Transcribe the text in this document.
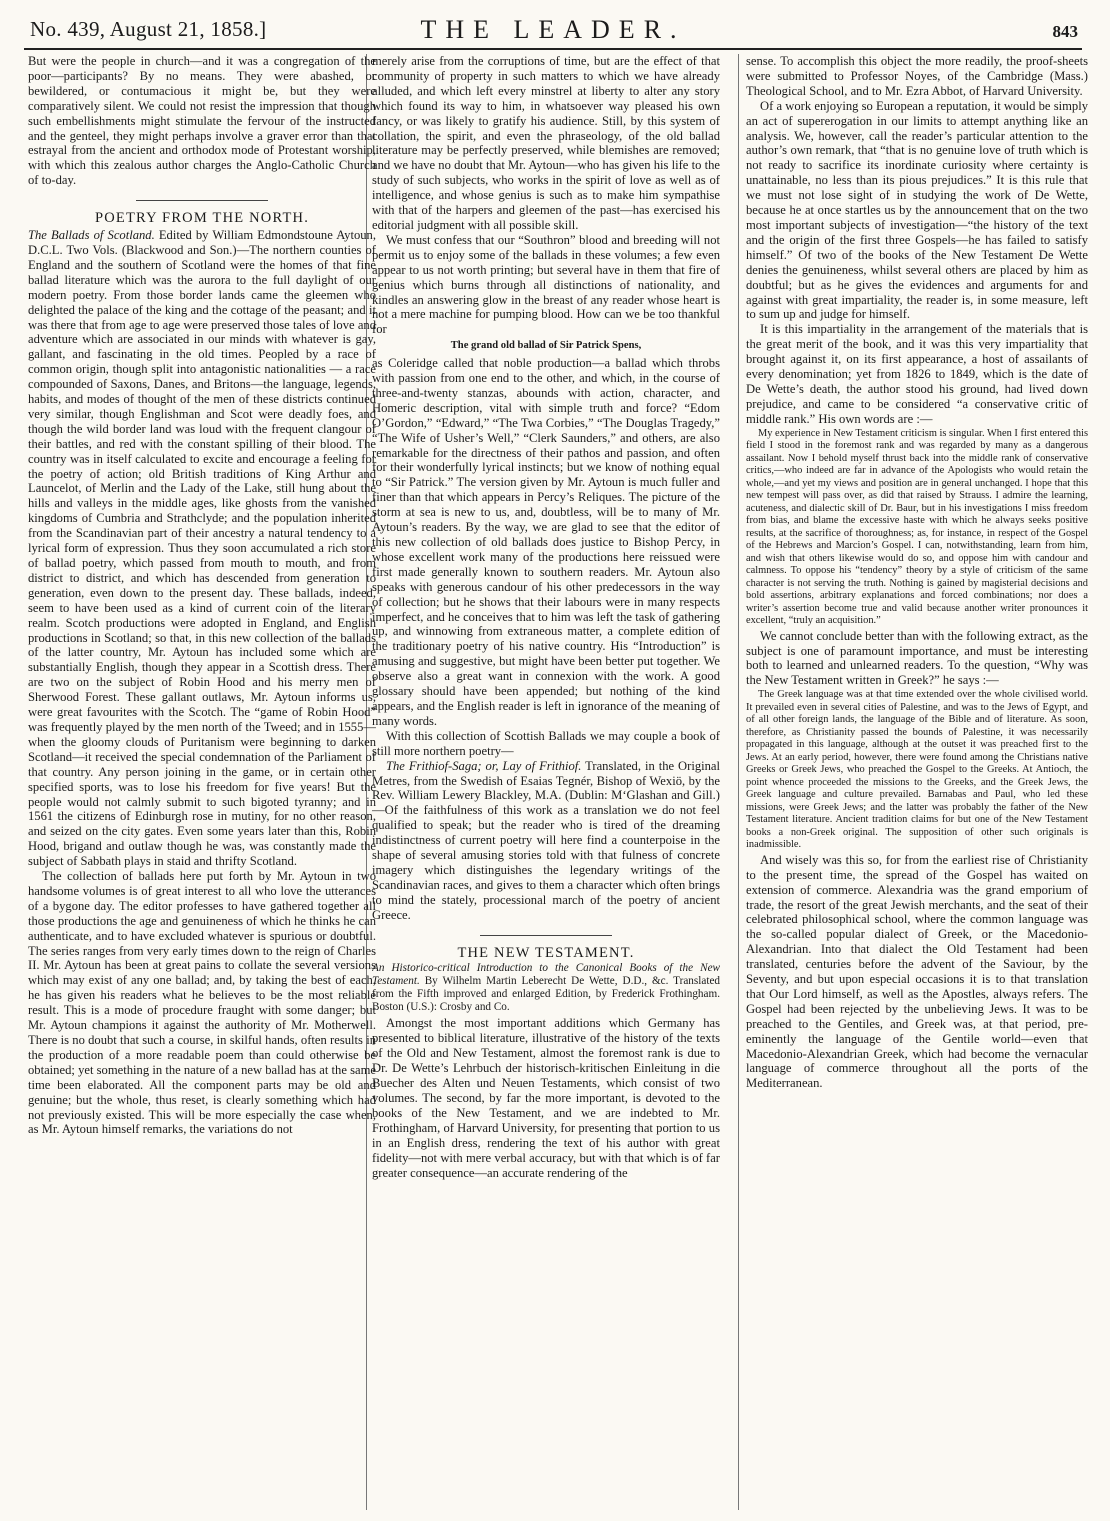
No. 439, August 21, 1858.]	THE LEADER.	843

But were the people in church—and it was a congregation of the poor—participants? By no means. They were abashed, or bewildered, or contumacious it might be, but they were comparatively silent. We could not resist the impression that though such embellishments might stimulate the fervour of the instructed and the genteel, they might perhaps involve a graver error than that estrayal from the ancient and orthodox mode of Protestant worship, with which this zealous author charges the Anglo-Catholic Church of to-day.

POETRY FROM THE NORTH.

The Ballads of Scotland. Edited by William Edmondstoune Aytoun, D.C.L. Two Vols. (Blackwood and Son.)—The northern counties of England and the southern of Scotland were the homes of that fine ballad literature which was the aurora to the full daylight of our modern poetry. From those border lands came the gleemen who delighted the palace of the king and the cottage of the peasant; and it was there that from age to age were preserved those tales of love and adventure which are associated in our minds with whatever is gay, gallant, and fascinating in the old times. Peopled by a race of common origin, though split into antagonistic nationalities — a race compounded of Saxons, Danes, and Britons—the language, legends, habits, and modes of thought of the men of these districts continued very similar, though Englishman and Scot were deadly foes, and though the wild border land was loud with the frequent clangour of their battles, and red with the constant spilling of their blood. The country was in itself calculated to excite and encourage a feeling for the poetry of action; old British traditions of King Arthur and Launcelot, of Merlin and the Lady of the Lake, still hung about the hills and valleys in the middle ages, like ghosts from the vanished kingdoms of Cumbria and Strathclyde; and the population inherited from the Scandinavian part of their ancestry a natural tendency to a lyrical form of expression. Thus they soon accumulated a rich store of ballad poetry, which passed from mouth to mouth, and from district to district, and which has descended from generation to generation, even down to the present day. These ballads, indeed, seem to have been used as a kind of current coin of the literary realm. Scotch productions were adopted in England, and English productions in Scotland; so that, in this new collection of the ballads of the latter country, Mr. Aytoun has included some which are substantially English, though they appear in a Scottish dress. There are two on the subject of Robin Hood and his merry men of Sherwood Forest. These gallant outlaws, Mr. Aytoun informs us, were great favourites with the Scotch. The “game of Robin Hood” was frequently played by the men north of the Tweed; and in 1555—when the gloomy clouds of Puritanism were beginning to darken Scotland—it received the special condemnation of the Parliament of that country. Any person joining in the game, or in certain other specified sports, was to lose his freedom for five years! But the people would not calmly submit to such bigoted tyranny; and in 1561 the citizens of Edinburgh rose in mutiny, for no other reason, and seized on the city gates. Even some years later than this, Robin Hood, brigand and outlaw though he was, was constantly made the subject of Sabbath plays in staid and thrifty Scotland.

The collection of ballads here put forth by Mr. Aytoun in two handsome volumes is of great interest to all who love the utterances of a bygone day. The editor professes to have gathered together all those productions the age and genuineness of which he thinks he can authenticate, and to have excluded whatever is spurious or doubtful. The series ranges from very early times down to the reign of Charles II. Mr. Aytoun has been at great pains to collate the several versions which may exist of any one ballad; and, by taking the best of each, he has given his readers what he believes to be the most reliable result. This is a mode of procedure fraught with some danger; but Mr. Aytoun champions it against the authority of Mr. Motherwell. There is no doubt that such a course, in skilful hands, often results in the production of a more readable poem than could otherwise be obtained; yet something in the nature of a new ballad has at the same time been elaborated. All the component parts may be old and genuine; but the whole, thus reset, is clearly something which had not previously existed. This will be more especially the case when, as Mr. Aytoun himself remarks, the variations do not

merely arise from the corruptions of time, but are the effect of that community of property in such matters to which we have already alluded, and which left every minstrel at liberty to alter any story which found its way to him, in whatsoever way pleased his own fancy, or was likely to gratify his audience. Still, by this system of collation, the spirit, and even the phraseology, of the old ballad literature may be perfectly preserved, while blemishes are removed; and we have no doubt that Mr. Aytoun—who has given his life to the study of such subjects, who works in the spirit of love as well as of intelligence, and whose genius is such as to make him sympathise with that of the harpers and gleemen of the past—has exercised his editorial judgment with all possible skill.

We must confess that our “Southron” blood and breeding will not permit us to enjoy some of the ballads in these volumes; a few even appear to us not worth printing; but several have in them that fire of genius which burns through all distinctions of nationality, and kindles an answering glow in the breast of any reader whose heart is not a mere machine for pumping blood. How can we be too thankful for

The grand old ballad of Sir Patrick Spens,

as Coleridge called that noble production—a ballad which throbs with passion from one end to the other, and which, in the course of three-and-twenty stanzas, abounds with action, character, and Homeric description, vital with simple truth and force? “Edom O’Gordon,” “Edward,” “The Twa Corbies,” “The Douglas Tragedy,” “The Wife of Usher’s Well,” “Clerk Saunders,” and others, are also remarkable for the directness of their pathos and passion, and often for their wonderfully lyrical instincts; but we know of nothing equal to “Sir Patrick.” The version given by Mr. Aytoun is much fuller and finer than that which appears in Percy’s Reliques. The picture of the storm at sea is new to us, and, doubtless, will be to many of Mr. Aytoun’s readers. By the way, we are glad to see that the editor of this new collection of old ballads does justice to Bishop Percy, in whose excellent work many of the productions here reissued were first made generally known to southern readers. Mr. Aytoun also speaks with generous candour of his other predecessors in the way of collection; but he shows that their labours were in many respects imperfect, and he conceives that to him was left the task of gathering up, and winnowing from extraneous matter, a complete edition of the traditionary poetry of his native country. His “Introduction” is amusing and suggestive, but might have been better put together. We observe also a great want in connexion with the work. A good glossary should have been appended; but nothing of the kind appears, and the English reader is left in ignorance of the meaning of many words.

With this collection of Scottish Ballads we may couple a book of still more northern poetry—

The Frithiof-Saga; or, Lay of Frithiof. Translated, in the Original Metres, from the Swedish of Esaias Tegnér, Bishop of Wexiö, by the Rev. William Lewery Blackley, M.A. (Dublin: M‘Glashan and Gill.)—Of the faithfulness of this work as a translation we do not feel qualified to speak; but the reader who is tired of the dreaming indistinctness of current poetry will here find a counterpoise in the shape of several amusing stories told with that fulness of concrete imagery which distinguishes the legendary writings of the Scandinavian races, and gives to them a character which often brings to mind the stately, processional march of the poetry of ancient Greece.

THE NEW TESTAMENT.

An Historico-critical Introduction to the Canonical Books of the New Testament. By Wilhelm Martin Leberecht De Wette, D.D., &c. Translated from the Fifth improved and enlarged Edition, by Frederick Frothingham. Boston (U.S.): Crosby and Co.

Amongst the most important additions which Germany has presented to biblical literature, illustrative of the history of the texts of the Old and New Testament, almost the foremost rank is due to Dr. De Wette’s Lehrbuch der historisch-kritischen Einleitung in die Buecher des Alten und Neuen Testaments, which consist of two volumes. The second, by far the more important, is devoted to the books of the New Testament, and we are indebted to Mr. Frothingham, of Harvard University, for presenting that portion to us in an English dress, rendering the text of his author with great fidelity—not with mere verbal accuracy, but with that which is of far greater consequence—an accurate rendering of the

sense. To accomplish this object the more readily, the proof-sheets were submitted to Professor Noyes, of the Cambridge (Mass.) Theological School, and to Mr. Ezra Abbot, of Harvard University.

Of a work enjoying so European a reputation, it would be simply an act of supererogation in our limits to attempt anything like an analysis. We, however, call the reader’s particular attention to the author’s own remark, that “that is no genuine love of truth which is not ready to sacrifice its inordinate curiosity where certainty is unattainable, no less than its pious prejudices.” It is this rule that we must not lose sight of in studying the work of De Wette, because he at once startles us by the announcement that on the two most important subjects of investigation—“the history of the text and the origin of the first three Gospels—he has failed to satisfy himself.” Of two of the books of the New Testament De Wette denies the genuineness, whilst several others are placed by him as doubtful; but as he gives the evidences and arguments for and against with great impartiality, the reader is, in some measure, left to sum up and judge for himself.

It is this impartiality in the arrangement of the materials that is the great merit of the book, and it was this very impartiality that brought against it, on its first appearance, a host of assailants of every denomination; yet from 1826 to 1849, which is the date of De Wette’s death, the author stood his ground, had lived down prejudice, and came to be considered “a conservative critic of middle rank.” His own words are :—

My experience in New Testament criticism is singular. When I first entered this field I stood in the foremost rank and was regarded by many as a dangerous assailant. Now I behold myself thrust back into the middle rank of conservative critics,—who indeed are far in advance of the Apologists who would retain the whole,—and yet my views and position are in general unchanged. I hope that this new tempest will pass over, as did that raised by Strauss. I admire the learning, acuteness, and dialectic skill of Dr. Baur, but in his investigations I miss freedom from bias, and blame the excessive haste with which he always seeks positive results, at the sacrifice of thoroughness; as, for instance, in respect of the Gospel of the Hebrews and Marcion’s Gospel. I can, notwithstanding, learn from him, and wish that others likewise would do so, and oppose him with candour and calmness. To oppose his “tendency” theory by a style of criticism of the same character is not serving the truth. Nothing is gained by magisterial decisions and bold assertions, arbitrary explanations and forced combinations; nor does a writer’s assertion become true and valid because another writer pronounces it excellent, “truly an acquisition.”

We cannot conclude better than with the following extract, as the subject is one of paramount importance, and must be interesting both to learned and unlearned readers. To the question, “Why was the New Testament written in Greek?” he says :—

The Greek language was at that time extended over the whole civilised world. It prevailed even in several cities of Palestine, and was to the Jews of Egypt, and of all other foreign lands, the language of the Bible and of literature. As soon, therefore, as Christianity passed the bounds of Palestine, it was necessarily propagated in this language, although at the outset it was preached first to the Jews. At an early period, however, there were found among the Christians native Greeks or Greek Jews, who preached the Gospel to the Greeks. At Antioch, the point whence proceeded the missions to the Greeks, and the Greek Jews, the Greek language and culture prevailed. Barnabas and Paul, who led these missions, were Greek Jews; and the latter was probably the father of the New Testament literature. Ancient tradition claims for but one of the New Testament books a non-Greek original. The supposition of other such originals is inadmissible.

And wisely was this so, for from the earliest rise of Christianity to the present time, the spread of the Gospel has waited on extension of commerce. Alexandria was the grand emporium of trade, the resort of the great Jewish merchants, and the seat of their celebrated philosophical school, where the common language was the so-called popular dialect of Greek, or the Macedonio-Alexandrian. Into that dialect the Old Testament had been translated, centuries before the advent of the Saviour, by the Seventy, and but upon especial occasions it is to that translation that Our Lord himself, as well as the Apostles, always refers. The Gospel had been rejected by the unbelieving Jews. It was to be preached to the Gentiles, and Greek was, at that period, pre-eminently the language of the Gentile world—even that Macedonio-Alexandrian Greek, which had become the vernacular language of commerce throughout all the ports of the Mediterranean.
